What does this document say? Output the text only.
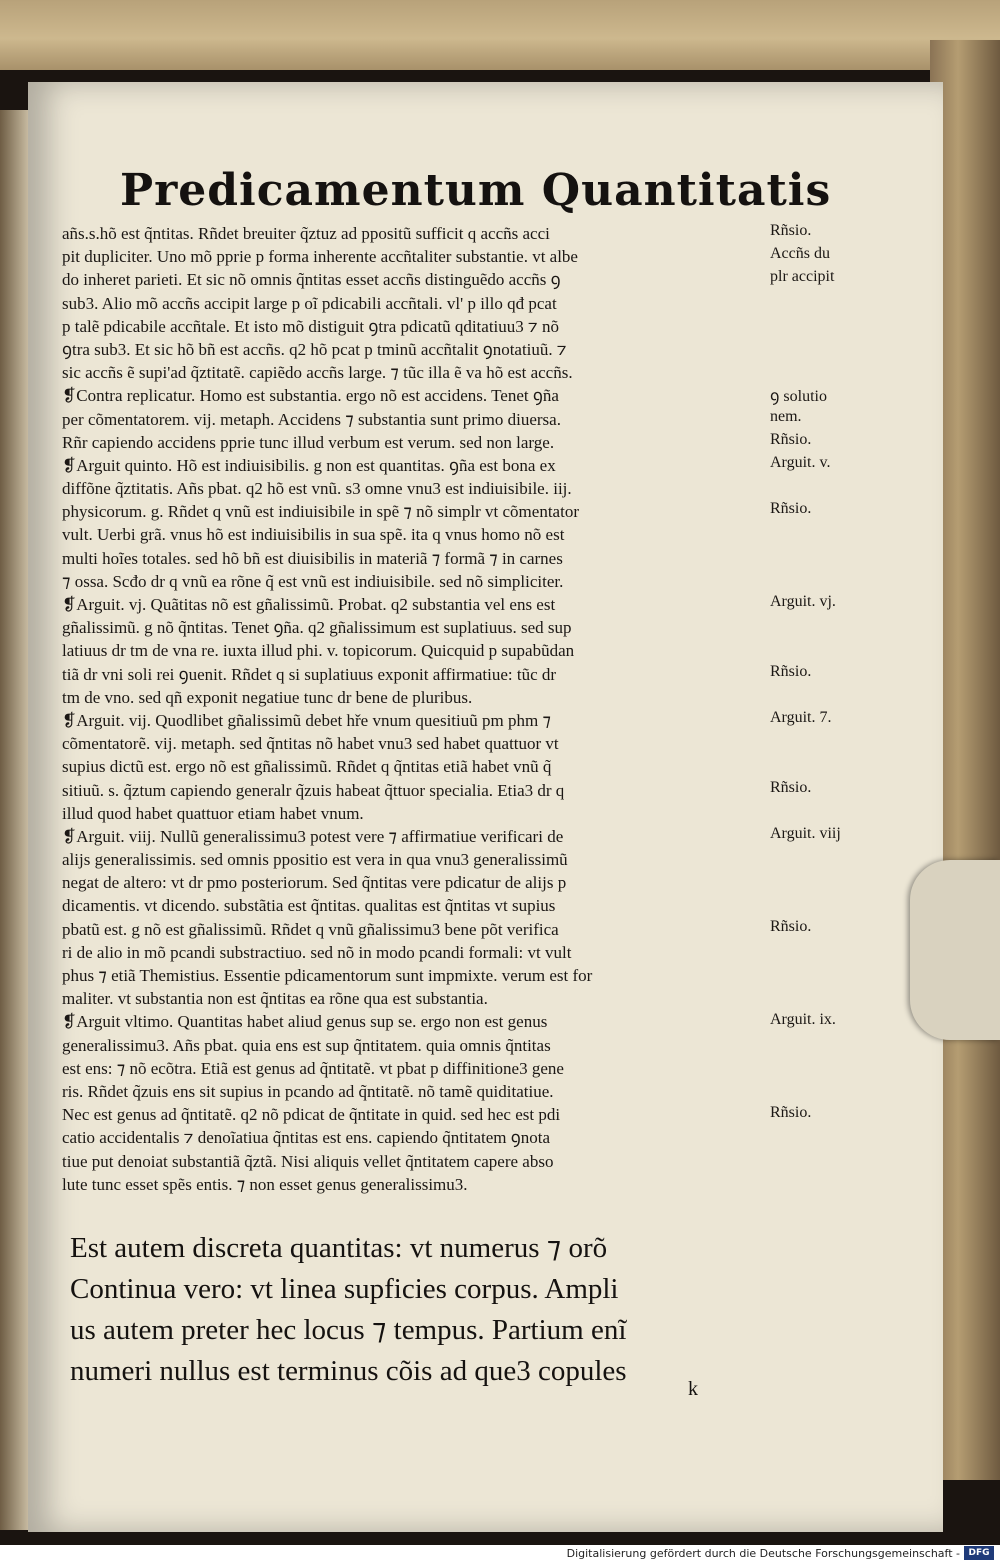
Predicamentum Quantitatis
añs.s.hõ est q̃ntitas. Rñdet breuiter q̃ztuz ad ppositũ sufficit q accñs acci
pit dupliciter. Uno mõ pprie p forma inherente accñtaliter substantie. vt albe
do inheret parieti. Et sic nõ omnis q̃ntitas esset accñs distinguẽdo accñs ꝯ
sub3. Alio mõ accñs accipit large p oĩ pdicabili accñtali. vl' p illo qđ pcat
p talẽ pdicabile accñtale. Et isto mõ distiguit ꝯtra pdicatũ qditatiuu3 ⁊ nõ
ꝯtra sub3. Et sic hõ bñ est accñs. q2 hõ pcat p tminũ accñtalit ꝯnotatiuũ. ⁊
sic accñs ẽ supi'ad q̃ztitatẽ. capiẽdo accñs large. ⁊ tũc illa ẽ va hõ est accñs.
❡Contra replicatur. Homo est substantia. ergo nõ est accidens. Tenet ꝯña
per cõmentatorem. vij. metaph. Accidens ⁊ substantia sunt primo diuersa.
Rñr capiendo accidens pprie tunc illud verbum est verum. sed non large.
❡Arguit quinto. Hõ est indiuisibilis. g non est quantitas. ꝯña est bona ex
diffõne q̃ztitatis. Añs pbat. q2 hõ est vnũ. s3 omne vnu3 est indiuisibile. iij.
physicorum. g. Rñdet q vnũ est indiuisibile in spẽ ⁊ nõ simplr vt cõmentator
vult. Uerbi grã. vnus hõ est indiuisibilis in sua spẽ. ita q vnus homo nõ est
multi hoĩes totales. sed hõ bñ est diuisibilis in materiã ⁊ formã ⁊ in carnes
⁊ ossa. Scđo dr q vnũ ea rõne q̃ est vnũ est indiuisibile. sed nõ simpliciter.
❡Arguit. vj. Quãtitas nõ est gñalissimũ. Probat. q2 substantia vel ens est
gñalissimũ. g nõ q̃ntitas. Tenet ꝯña. q2 gñalissimum est suplatiuus. sed sup
latiuus dr tm de vna re. iuxta illud phi. v. topicorum. Quicquid p supabũdan
tiã dr vni soli rei ꝯuenit. Rñdet q si suplatiuus exponit affirmatiue: tũc dr
tm de vno. sed qñ exponit negatiue tunc dr bene de pluribus.
❡Arguit. vij. Quodlibet gñalissimũ debet hře vnum quesitiuũ pm phm ⁊
cõmentatorẽ. vij. metaph. sed q̃ntitas nõ habet vnu3 sed habet quattuor vt
supius dictũ est. ergo nõ est gñalissimũ. Rñdet q q̃ntitas etiã habet vnũ q̃
sitiuũ. s. q̃ztum capiendo generalr q̃zuis habeat q̃ttuor specialia. Etia3 dr q
illud quod habet quattuor etiam habet vnum.
❡Arguit. viij. Nullũ generalissimu3 potest vere ⁊ affirmatiue verificari de
alijs generalissimis. sed omnis ppositio est vera in qua vnu3 generalissimũ
negat de altero: vt dr pmo posteriorum. Sed q̃ntitas vere pdicatur de alijs p
dicamentis. vt dicendo. substãtia est q̃ntitas. qualitas est q̃ntitas vt supius
pbatũ est. g nõ est gñalissimũ. Rñdet q vnũ gñalissimu3 bene põt verifica
ri de alio in mõ pcandi substractiuo. sed nõ in modo pcandi formali: vt vult
phus ⁊ etiã Themistius. Essentie pdicamentorum sunt impmixte. verum est for
maliter. vt substantia non est q̃ntitas ea rõne qua est substantia.
❡Arguit vltimo. Quantitas habet aliud genus sup se. ergo non est genus
generalissimu3. Añs pbat. quia ens est sup q̃ntitatem. quia omnis q̃ntitas
est ens: ⁊ nõ ecõtra. Etiã est genus ad q̃ntitatẽ. vt pbat p diffinitione3 gene
ris. Rñdet q̃zuis ens sit supius in pcando ad q̃ntitatẽ. nõ tamẽ quiditatiue.
Nec est genus ad q̃ntitatẽ. q2 nõ pdicat de q̃ntitate in quid. sed hec est pdi
catio accidentalis ⁊ denoĩatiua q̃ntitas est ens. capiendo q̃ntitatem ꝯnota
tiue put denoiat substantiã q̃ztã. Nisi aliquis vellet q̃ntitatem capere abso
lute tunc esset spẽs entis. ⁊ non esset genus generalissimu3.
Rñsio.
Accñs du
plr accipit
ꝯ solutio
nem.
Rñsio.
Arguit. v.
Rñsio.
Arguit. vj.
Rñsio.
Arguit. 7.
Rñsio.
Arguit. viij
Rñsio.
Arguit. ix.
Rñsio.
Est autem discreta quantitas: vt numerus ⁊ orõ
Continua vero: vt linea supficies corpus. Ampli
us autem preter hec locus ⁊ tempus. Partium enĩ
numeri nullus est terminus cõis ad que3 copules
k
Digitalisierung gefördert durch die Deutsche Forschungsgemeinschaft - DFG
